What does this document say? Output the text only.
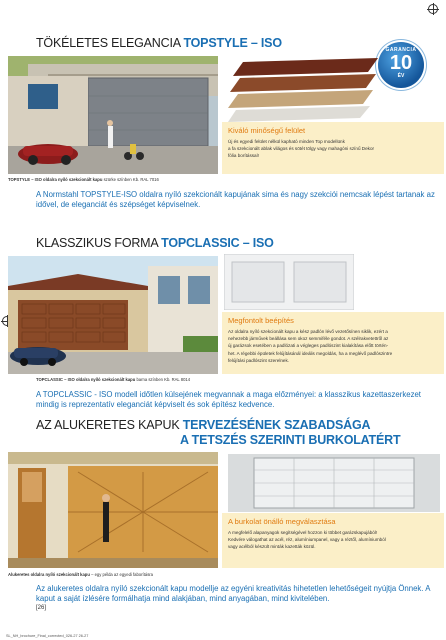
TÖKÉLETES ELEGANCIA TOPSTYLE – ISO	GARANCIA
10
ÉV
TOPSTYLE – ISO oldalra nyíló szekcionált kapu szürke színben Kb. RAL 7016
Kiváló minőségű felület
Új és egyedi felület nélkül kapható minden Top modellünk
a fa szekcionált ablak világos és sötét tölgy vagy mahagóni színű Dekor
fólia borítással!
A Normstahl TOPSTYLE-ISO oldalra nyíló szekcionált kapujának sima és nagy szekciói nemcsak lépést tartanak az idővel, de eleganciát és szépséget képviselnek.
KLASSZIKUS FORMA TOPCLASSIC – ISO
TOPCLASSIC – ISO oldalra nyíló szekcionált kapu barna színben Kb. RAL 8014
Megfontolt beépítés
Az oldalra nyíló szekcionált kapu a kész padlón lévő vezetősínen siklik, ezért a
nehezebb járművek beállása sem okoz semmiféle gondot. A szélrakvetettről az
új garázsok esetében a padlózati a végleges padlószint kialakítása előtt történ-
het. A régebbi épületek felújításánál ideális megoldás, ha a meglévő padlószintre
felújítási padlószint szerelnek.
A TOPCLASSIC - ISO modell időtlen külsejének megvannak a maga előzményei: a klasszikus kazettaszerkezet mindig is reprezentatív eleganciát képviselt és sok építész kedvence.
AZ ALUKERETES KAPUK TERVEZÉSÉNEK SZABADSÁGA
A TETSZÉS SZERINTI BURKOLATÉRT
Alukeretes oldalra nyíló szekcionált kapu – egy példa az egyedi faborításra
A burkolat önálló megválasztása
A megfelelő alapanyagok segítségével hozzon ki többet garázskapujából!
Kedvére válogathat az acél, réz, alumíniumpanel, vagy a réztől, alumíniumból
vagy acélból készült minták kazetták közül.
Az alukeretes oldalra nyíló szekcionált kapu modellje az egyéni kreativitás hihetetlen lehetőségeit nyújtja Önnek. A kaput a saját ízlésére formálhatja mind alakjában, mind anyagában, mind kivitelében.
[26]
SL_NH_brochure_Final_corrected_026-27 26-27
